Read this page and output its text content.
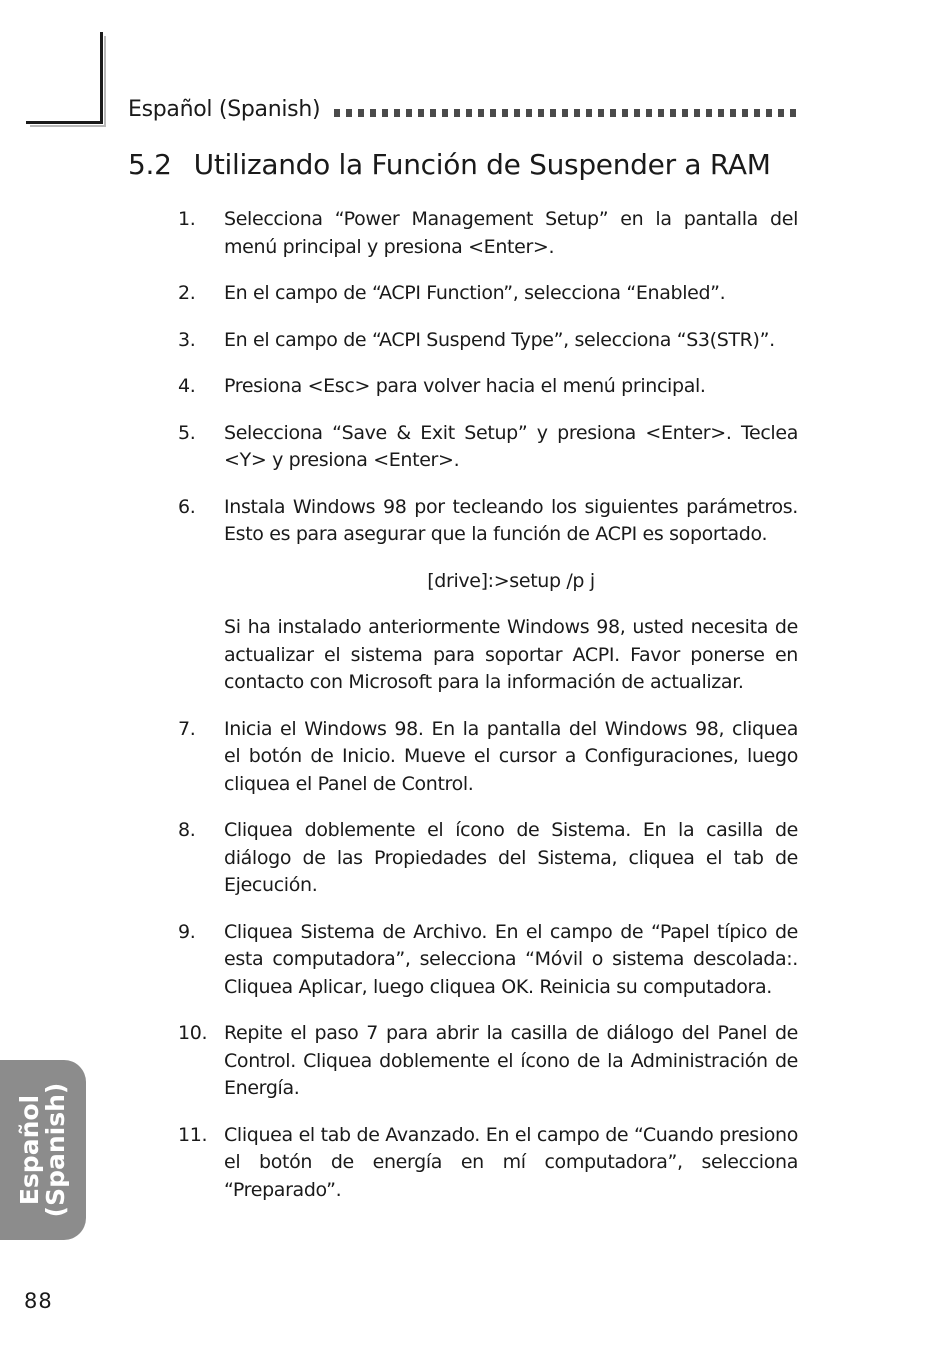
Español (Spanish)
5.2 Utilizando la Función de Suspender a RAM
1.	Selecciona “Power Management Setup” en la pantalla del menú principal y presiona <Enter>.
2.	En el campo de “ACPI Function”, selecciona “Enabled”.
3.	En el campo de “ACPI Suspend Type”, selecciona “S3(STR)”.
4.	Presiona <Esc> para volver hacia el menú principal.
5.	Selecciona “Save & Exit Setup” y presiona <Enter>. Teclea <Y> y presiona <Enter>.
6.	Instala Windows 98 por tecleando los siguientes parámetros. Esto es para asegurar que la función de ACPI es soportado.
[drive]:>setup /p j
Si ha instalado anteriormente Windows 98, usted necesita de actualizar el sistema para soportar ACPI. Favor ponerse en contacto con Microsoft para la información de actualizar.
7.	Inicia el Windows 98. En la pantalla del Windows 98, cliquea el botón de Inicio. Mueve el cursor a Configuraciones, luego cliquea el Panel de Control.
8.	Cliquea doblemente el ícono de Sistema. En la casilla de diálogo de las Propiedades del Sistema, cliquea el tab de Ejecución.
9.	Cliquea Sistema de Archivo. En el campo de “Papel típico de esta computadora”, selecciona “Móvil o sistema descolada:. Cliquea Aplicar, luego cliquea OK. Reinicia su computadora.
10. Repite el paso 7 para abrir la casilla de diálogo del Panel de Control. Cliquea doblemente el ícono de la Administración de Energía.
11. Cliquea el tab de Avanzado. En el campo de “Cuando presiono el botón de energía en mí computadora”, selecciona “Preparado”.
Español
(Spanish)
88
